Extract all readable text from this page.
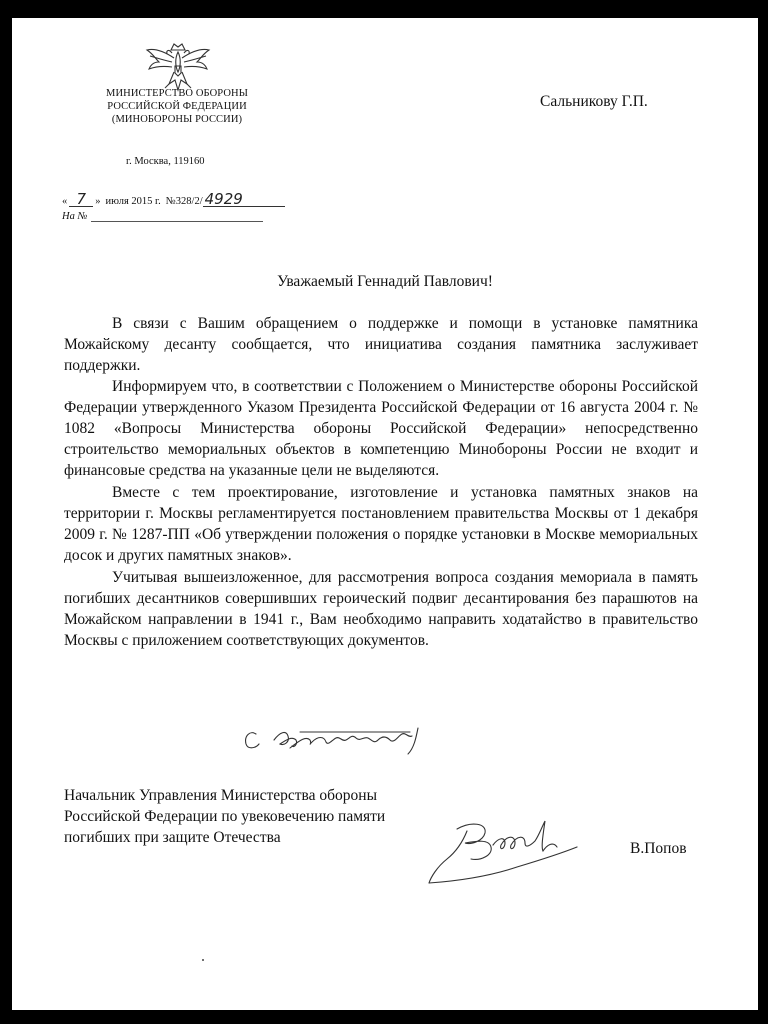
МИНИСТЕРСТВО ОБОРОНЫ
РОССИЙСКОЙ ФЕДЕРАЦИИ
(МИНОБОРОНЫ РОССИИ)
Сальникову Г.П.
г. Москва, 119160
« 7 » июля 2015 г. №328/2/ 4929
На №
Уважаемый Геннадий Павлович!

В связи с Вашим обращением о поддержке и помощи в установке памятника Можайскому десанту сообщается, что инициатива создания памятника заслуживает поддержки.

Информируем что, в соответствии с Положением о Министерстве обороны Российской Федерации утвержденного Указом Президента Российской Федерации от 16 августа 2004 г. № 1082 «Вопросы Министерства обороны Российской Федерации» непосредственно строительство мемориальных объектов в компетенцию Минобороны России не входит и финансовые средства на указанные цели не выделяются.

Вместе с тем проектирование, изготовление и установка памятных знаков на территории г. Москвы регламентируется постановлением правительства Москвы от 1 декабря 2009 г. № 1287-ПП «Об утверждении положения о порядке установки в Москве мемориальных досок и других памятных знаков».

Учитывая вышеизложенное, для рассмотрения вопроса создания мемориала в память погибших десантников совершивших героический подвиг десантирования без парашютов на Можайском направлении в 1941 г., Вам необходимо направить ходатайство в правительство Москвы с приложением соответствующих документов.

Начальник Управления Министерства обороны
Российской Федерации по увековечению памяти
погибших при защите Отечества
В.Попов
